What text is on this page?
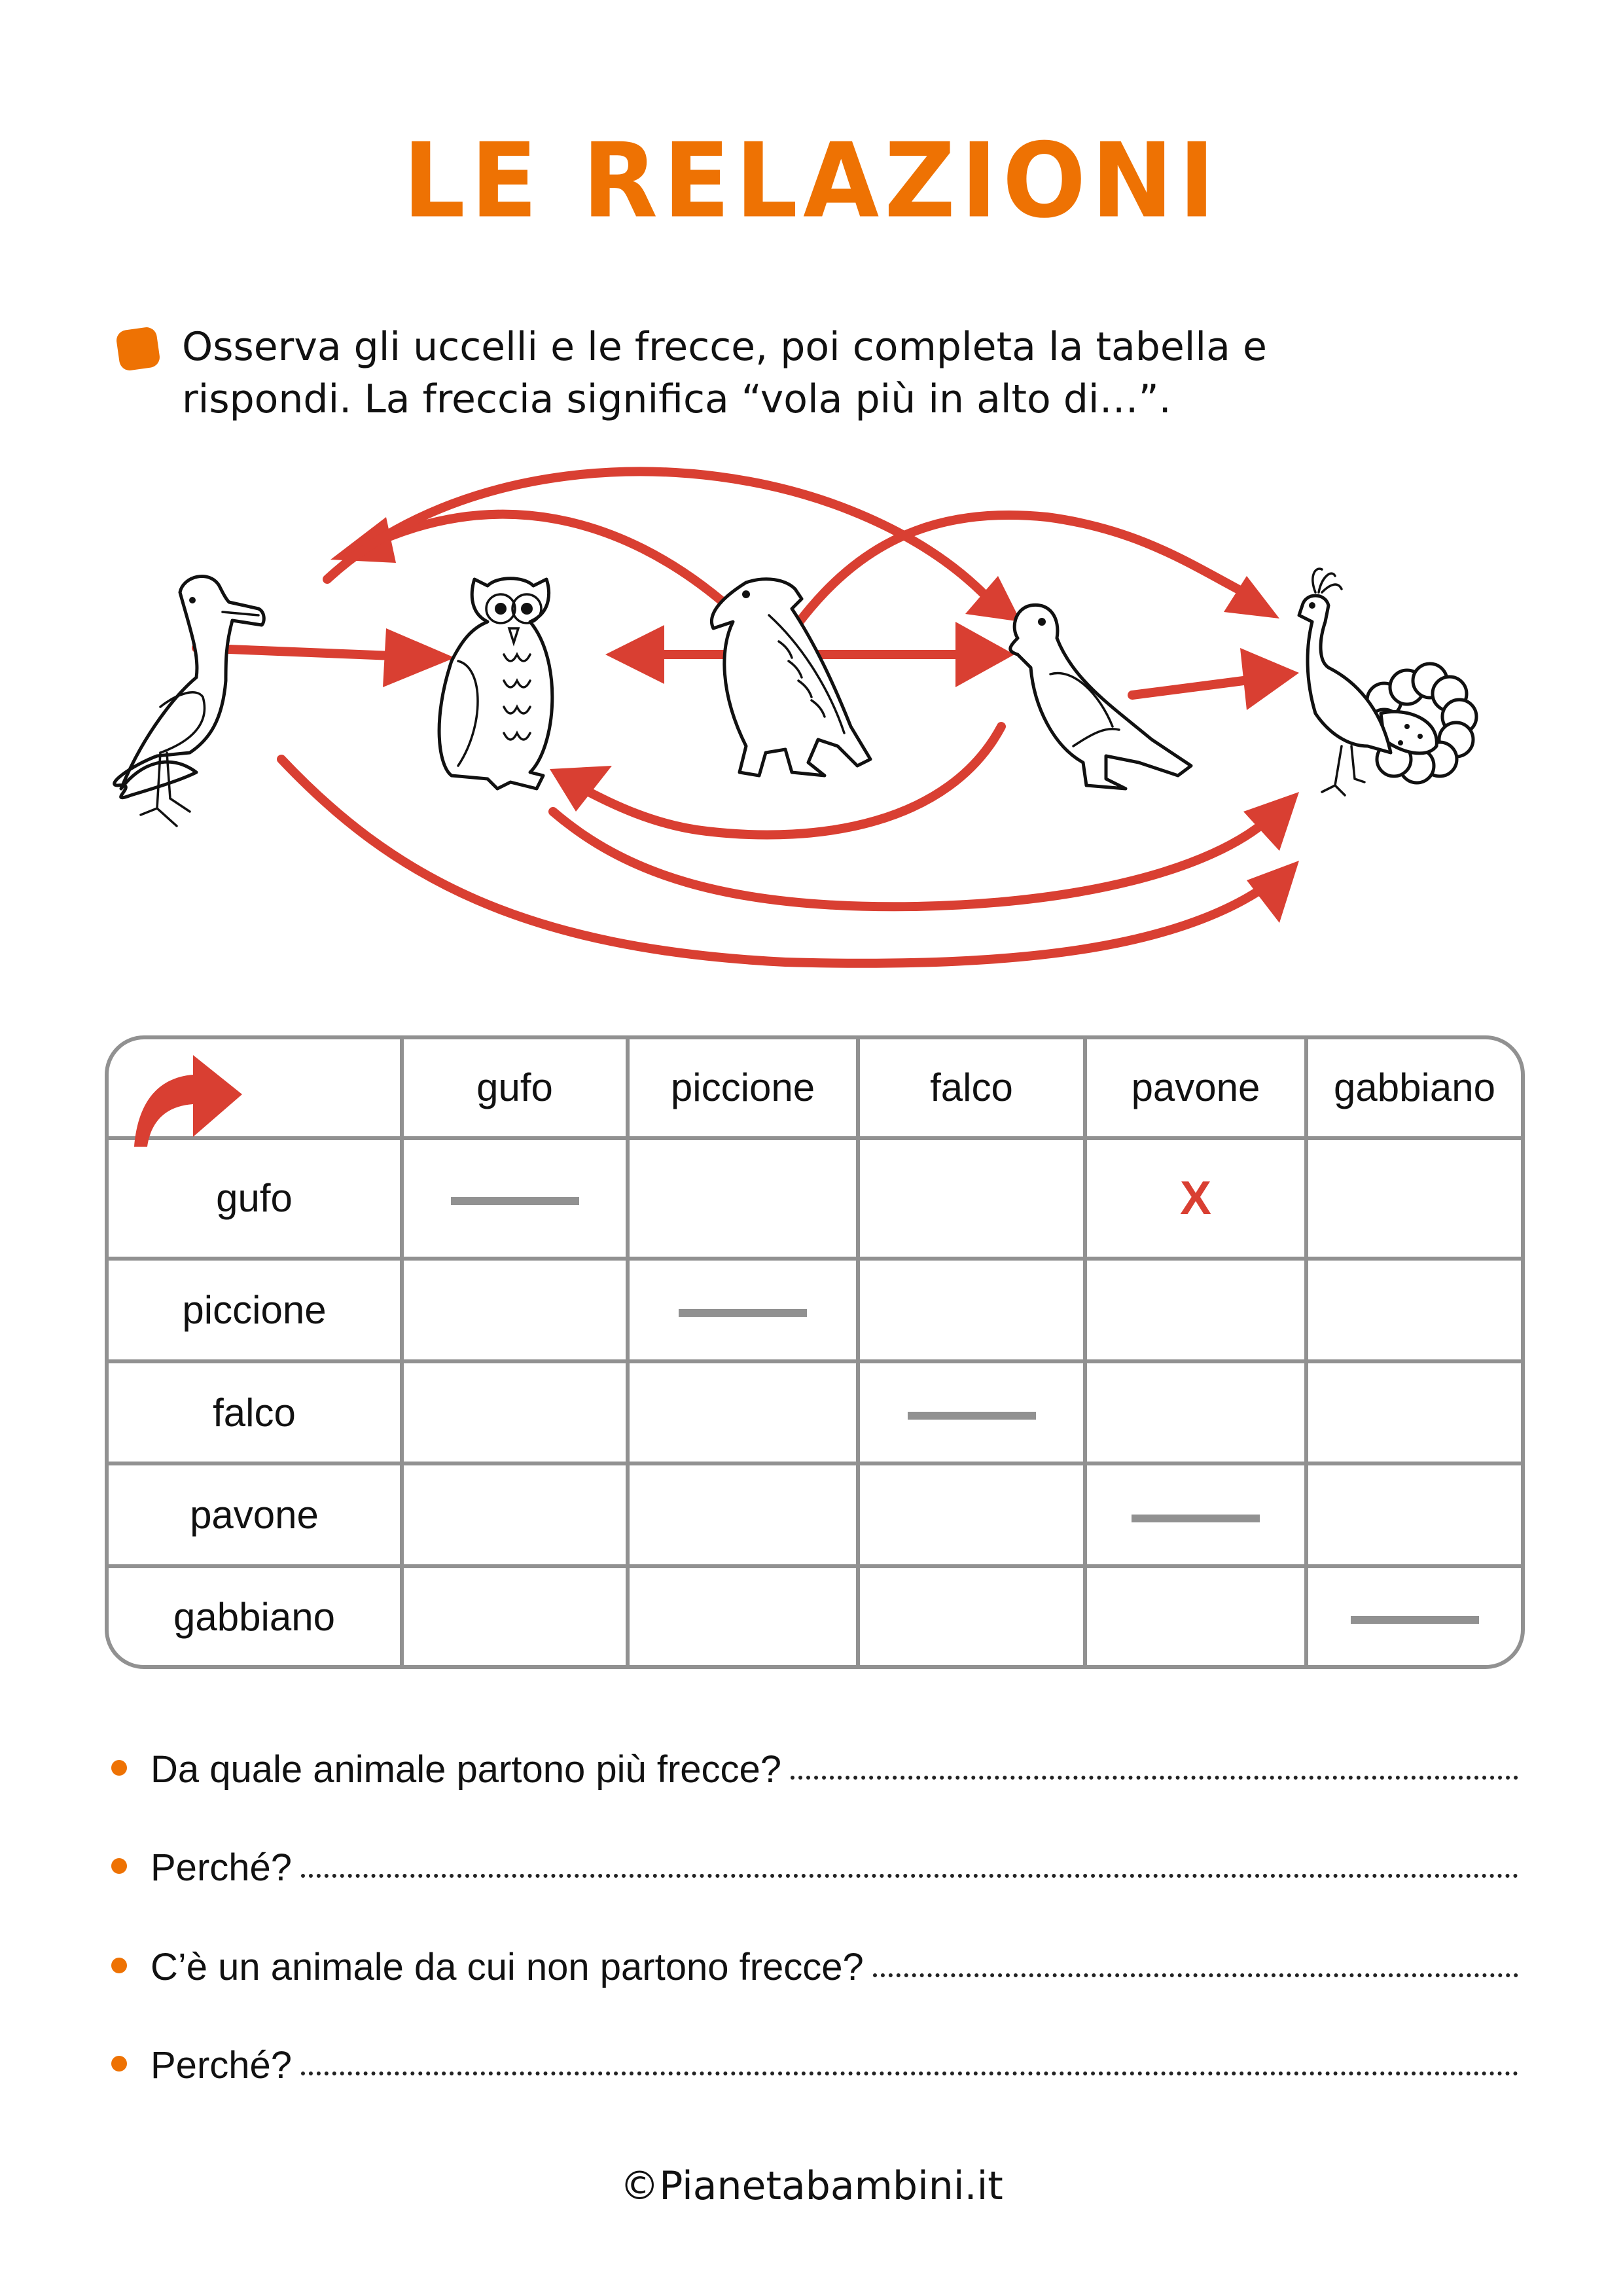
LE RELAZIONI
Osserva gli uccelli e le frecce, poi completa la tabella e
rispondi. La freccia significa “vola più in alto di…”.
	gufo	piccione	falco	pavone	gabbiano
gufo				X	
piccione					
falco					
pavone					
gabbiano					
Da quale animale partono più frecce?
Perché?
C’è un animale da cui non partono frecce?
Perché?
©Pianetabambini.it
